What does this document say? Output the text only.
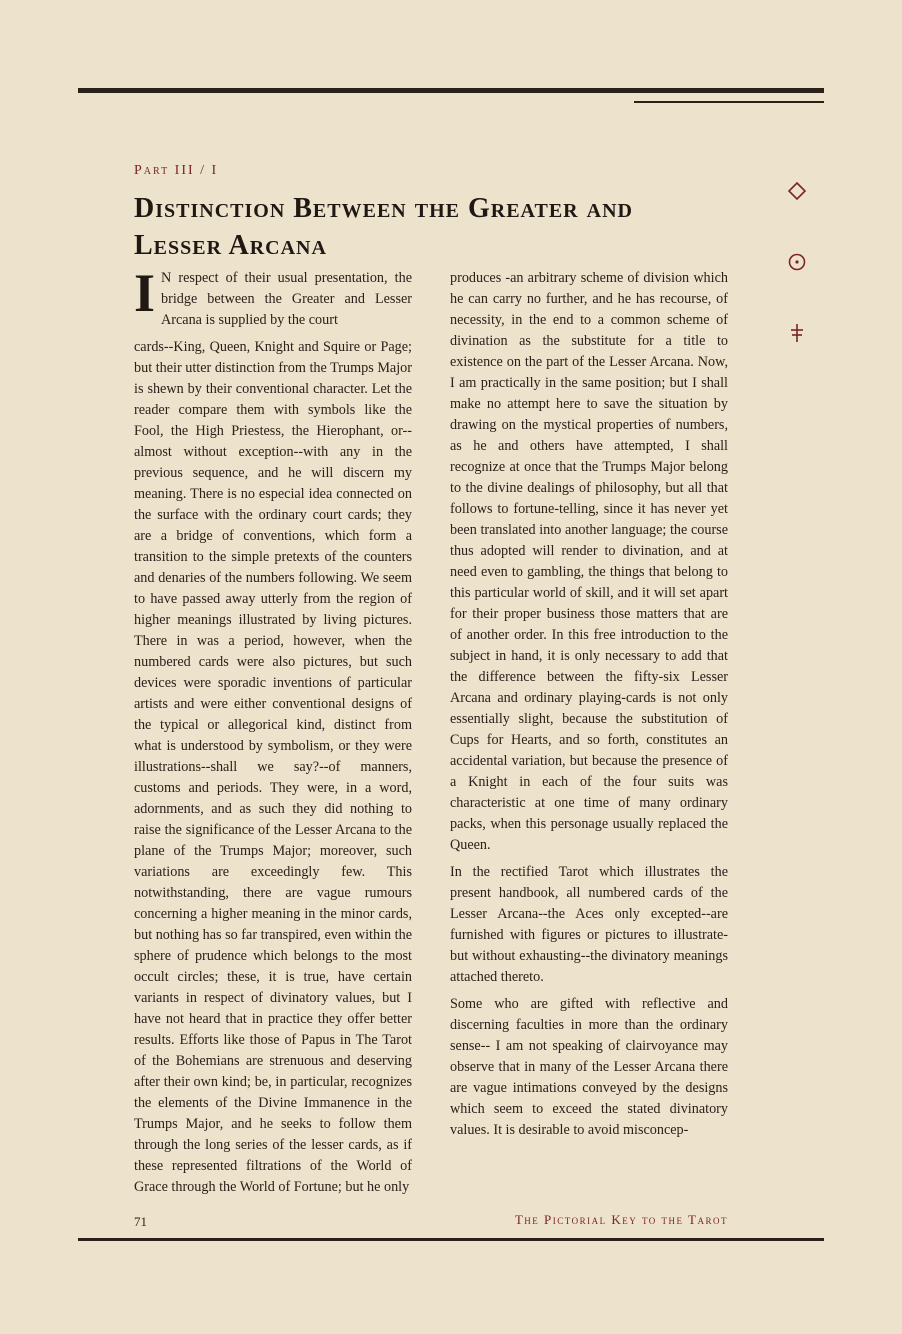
Part III / I
Distinction Between the Greater and Lesser Arcana

I N respect of their usual presentation, the bridge between the Greater and Lesser Arcana is supplied by the court

cards--King, Queen, Knight and Squire or Page; but their utter distinction from the Trumps Major is shewn by their conventional character. Let the reader compare them with symbols like the Fool, the High Priestess, the Hierophant, or--almost without exception--with any in the previous sequence, and he will discern my meaning. There is no especial idea connected on the surface with the ordinary court cards; they are a bridge of conventions, which form a transition to the simple pretexts of the counters and denaries of the numbers following. We seem to have passed away utterly from the region of higher meanings illustrated by living pictures. There in was a period, however, when the numbered cards were also pictures, but such devices were sporadic inventions of particular artists and were either conventional designs of the typical or allegorical kind, distinct from what is understood by symbolism, or they were illustrations--shall we say?--of manners, customs and periods. They were, in a word, adornments, and as such they did nothing to raise the significance of the Lesser Arcana to the plane of the Trumps Major; moreover, such variations are exceedingly few. This notwithstanding, there are vague rumours concerning a higher meaning in the minor cards, but nothing has so far transpired, even within the sphere of prudence which belongs to the most occult circles; these, it is true, have certain variants in respect of divinatory values, but I have not heard that in practice they offer better results. Efforts like those of Papus in The Tarot of the Bohemians are strenuous and deserving after their own kind; be, in particular, recognizes the elements of the Divine Immanence in the Trumps Major, and he seeks to follow them through the long series of the lesser cards, as if these represented filtrations of the World of Grace through the World of Fortune; but he only

produces -an arbitrary scheme of division which he can carry no further, and he has recourse, of necessity, in the end to a common scheme of divination as the substitute for a title to existence on the part of the Lesser Arcana. Now, I am practically in the same position; but I shall make no attempt here to save the situation by drawing on the mystical properties of numbers, as he and others have attempted, I shall recognize at once that the Trumps Major belong to the divine dealings of philosophy, but all that follows to fortune-telling, since it has never yet been translated into another language; the course thus adopted will render to divination, and at need even to gambling, the things that belong to this particular world of skill, and it will set apart for their proper business those matters that are of another order. In this free introduction to the subject in hand, it is only necessary to add that the difference between the fifty-six Lesser Arcana and ordinary playing-cards is not only essentially slight, because the substitution of Cups for Hearts, and so forth, constitutes an accidental variation, but because the presence of a Knight in each of the four suits was characteristic at one time of many ordinary packs, when this personage usually replaced the Queen.

In the rectified Tarot which illustrates the present handbook, all numbered cards of the Lesser Arcana--the Aces only excepted--are furnished with figures or pictures to illustrate-but without exhausting--the divinatory meanings attached thereto.

Some who are gifted with reflective and discerning faculties in more than the ordinary sense-- I am not speaking of clairvoyance may observe that in many of the Lesser Arcana there are vague intimations conveyed by the designs which seem to exceed the stated divinatory values. It is desirable to avoid misconcep-

71	The Pictorial Key to the Tarot
